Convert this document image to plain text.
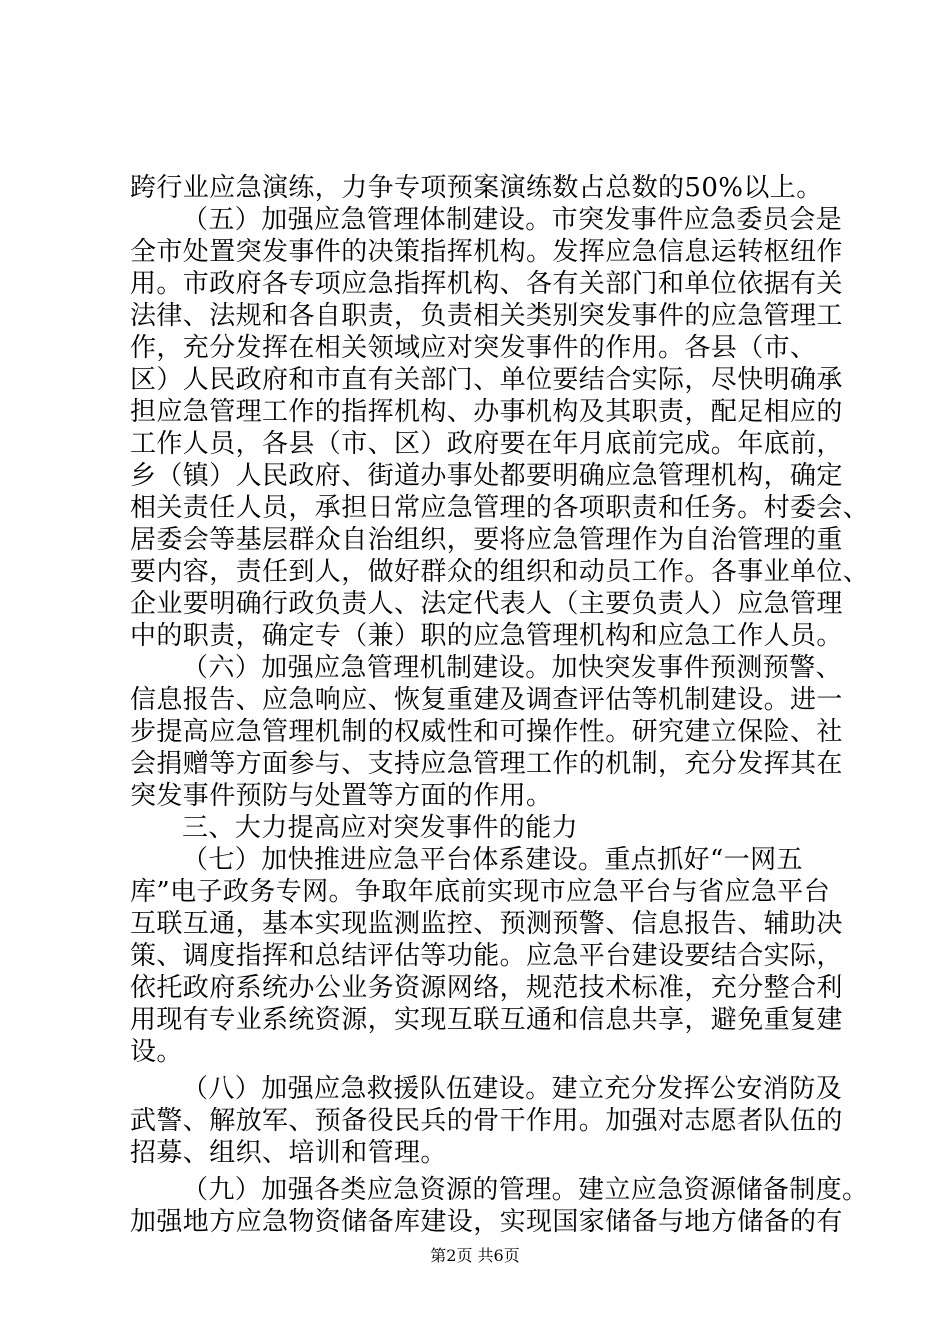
跨行业应急演练，力争专项预案演练数占总数的50%以上。
（五）加强应急管理体制建设。市突发事件应急委员会是
全市处置突发事件的决策指挥机构。发挥应急信息运转枢纽作
用。市政府各专项应急指挥机构、各有关部门和单位依据有关
法律、法规和各自职责，负责相关类别突发事件的应急管理工
作，充分发挥在相关领域应对突发事件的作用。各县（市、
区）人民政府和市直有关部门、单位要结合实际，尽快明确承
担应急管理工作的指挥机构、办事机构及其职责，配足相应的
工作人员，各县（市、区）政府要在年月底前完成。年底前，
乡（镇）人民政府、街道办事处都要明确应急管理机构，确定
相关责任人员，承担日常应急管理的各项职责和任务。村委会、
居委会等基层群众自治组织，要将应急管理作为自治管理的重
要内容，责任到人，做好群众的组织和动员工作。各事业单位、
企业要明确行政负责人、法定代表人（主要负责人）应急管理
中的职责，确定专（兼）职的应急管理机构和应急工作人员。
（六）加强应急管理机制建设。加快突发事件预测预警、
信息报告、应急响应、恢复重建及调查评估等机制建设。进一
步提高应急管理机制的权威性和可操作性。研究建立保险、社
会捐赠等方面参与、支持应急管理工作的机制，充分发挥其在
突发事件预防与处置等方面的作用。
三、大力提高应对突发事件的能力
（七）加快推进应急平台体系建设。重点抓好“一网五
库”电子政务专网。争取年底前实现市应急平台与省应急平台
互联互通，基本实现监测监控、预测预警、信息报告、辅助决
策、调度指挥和总结评估等功能。应急平台建设要结合实际，
依托政府系统办公业务资源网络，规范技术标准，充分整合利
用现有专业系统资源，实现互联互通和信息共享，避免重复建
设。
（八）加强应急救援队伍建设。建立充分发挥公安消防及
武警、解放军、预备役民兵的骨干作用。加强对志愿者队伍的
招募、组织、培训和管理。
（九）加强各类应急资源的管理。建立应急资源储备制度。
加强地方应急物资储备库建设，实现国家储备与地方储备的有
第2页 共6页
